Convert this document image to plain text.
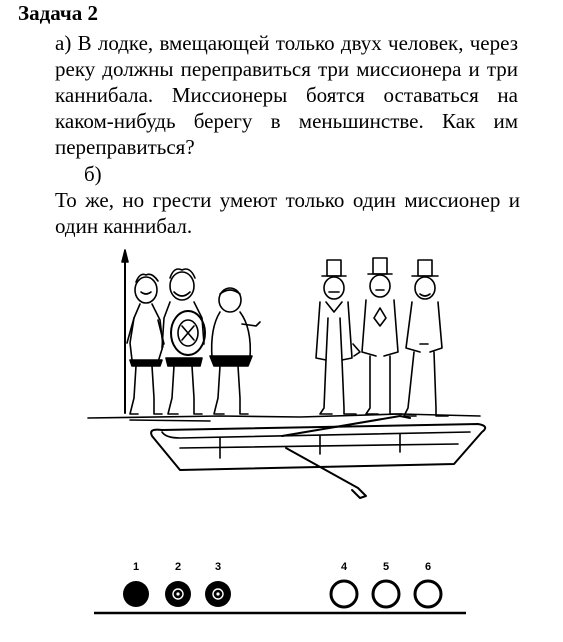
Задача 2
а) В лодке, вмещающей только двух человек, через реку должны переправиться три миссионера и три каннибала. Миссионеры боятся оставаться на каком-нибудь берегу в меньшинстве. Как им переправиться?
б)
То же, но грести умеют только один миссионер и один каннибал.
1	2	3	4	5	6
